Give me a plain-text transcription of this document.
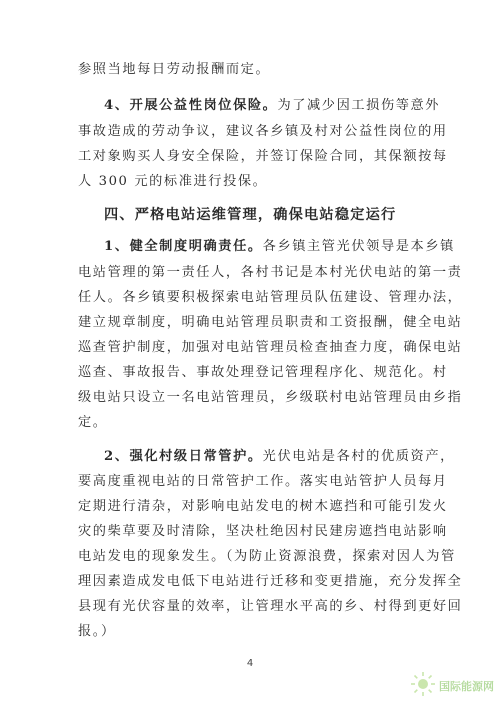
参照当地每日劳动报酬而定。
4、开展公益性岗位保险。为了减少因工损伤等意外
事故造成的劳动争议，建议各乡镇及村对公益性岗位的用
工对象购买人身安全保险，并签订保险合同，其保额按每
人 300 元的标准进行投保。
四、严格电站运维管理，确保电站稳定运行
1、健全制度明确责任。各乡镇主管光伏领导是本乡镇
电站管理的第一责任人，各村书记是本村光伏电站的第一责
任人。各乡镇要积极探索电站管理员队伍建设、管理办法，
建立规章制度，明确电站管理员职责和工资报酬，健全电站
巡查管护制度，加强对电站管理员检查抽查力度，确保电站
巡查、事故报告、事故处理登记管理程序化、规范化。村
级电站只设立一名电站管理员，乡级联村电站管理员由乡指
定。
2、强化村级日常管护。光伏电站是各村的优质资产，
要高度重视电站的日常管护工作。落实电站管护人员每月
定期进行清杂，对影响电站发电的树木遮挡和可能引发火
灾的柴草要及时清除，坚决杜绝因村民建房遮挡电站影响
电站发电的现象发生。（为防止资源浪费，探索对因人为管
理因素造成发电低下电站进行迁移和变更措施，充分发挥全
县现有光伏容量的效率，让管理水平高的乡、村得到更好回
报。）
4
国际能源网
